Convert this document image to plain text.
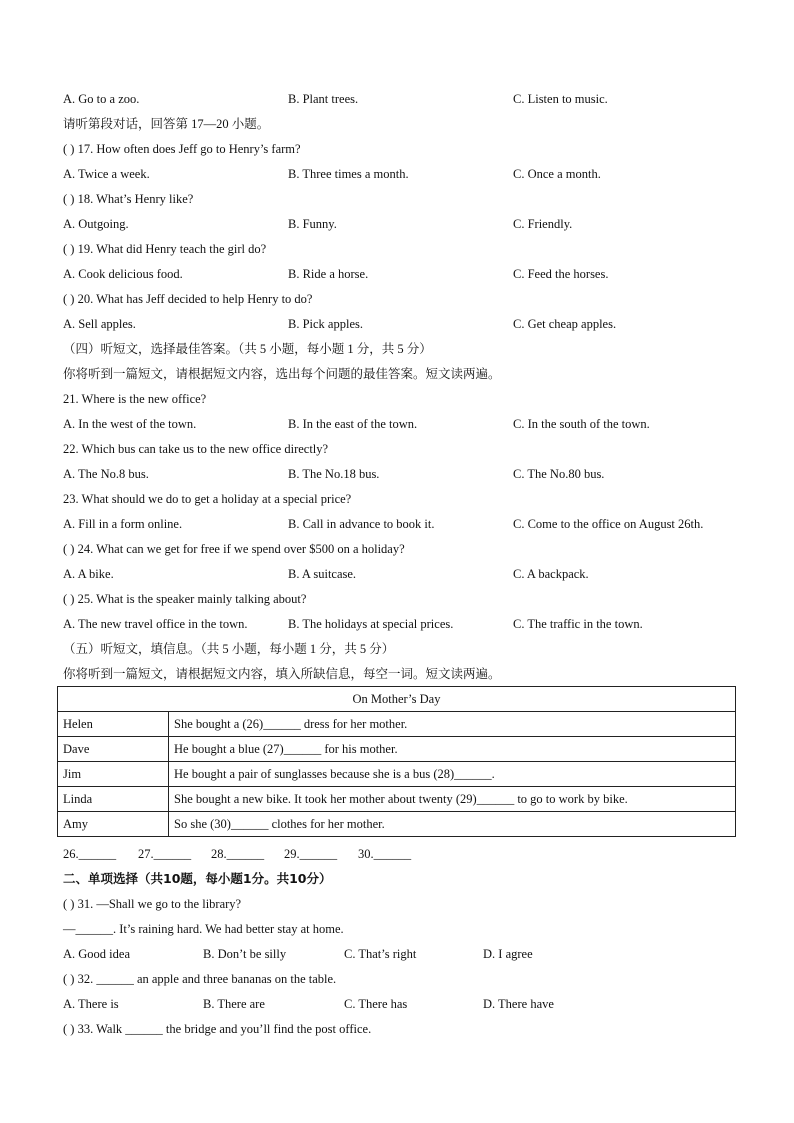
A. Go to a zoo.	B. Plant trees.	C. Listen to music.
请听第段对话，回答第 17—20 小题。
( ) 17. How often does Jeff go to Henry’s farm?
A. Twice a week.	B. Three times a month.	C. Once a month.
( ) 18. What’s Henry like?
A. Outgoing.	B. Funny.	C. Friendly.
( ) 19. What did Henry teach the girl do?
A. Cook delicious food.	B. Ride a horse.	C. Feed the horses.
( ) 20. What has Jeff decided to help Henry to do?
A. Sell apples.	B. Pick apples.	C. Get cheap apples.
（四）听短文，选择最佳答案。（共 5 小题，每小题 1 分，共 5 分）
你将听到一篇短文，请根据短文内容，选出每个问题的最佳答案。短文读两遍。
21. Where is the new office?
A. In the west of the town.	B. In the east of the town.	C. In the south of the town.
22. Which bus can take us to the new office directly?
A. The No.8 bus.	B. The No.18 bus.	C. The No.80 bus.
23. What should we do to get a holiday at a special price?
A. Fill in a form online.	B. Call in advance to book it.	C. Come to the office on August 26th.
( ) 24. What can we get for free if we spend over $500 on a holiday?
A. A bike.	B. A suitcase.	C. A backpack.
( ) 25. What is the speaker mainly talking about?
A. The new travel office in the town.	B. The holidays at special prices.	C. The traffic in the town.
（五）听短文，填信息。（共 5 小题，每小题 1 分，共 5 分）
你将听到一篇短文，请根据短文内容，填入所缺信息，每空一词。短文读两遍。
二、单项选择（共10题，每小题1分。共10分）
( ) 31. —Shall we go to the library?
—______. It’s raining hard. We had better stay at home.
A. Good idea	B. Don’t be silly	C. That’s right	D. I agree
( ) 32. ______ an apple and three bananas on the table.
A. There is	B. There are	C. There has	D. There have
( ) 33. Walk ______ the bridge and you’ll find the post office.
On Mother’s Day	
Helen	She bought a (26)______ dress for her mother.
Dave	He bought a blue (27)______ for his mother.
Jim	He bought a pair of sunglasses because she is a bus (28)______.
Linda	She bought a new bike. It took her mother about twenty (29)______ to go to work by bike.
Amy	So she (30)______ clothes for her mother.
26.______ 27.______ 28.______ 29.______ 30.______
